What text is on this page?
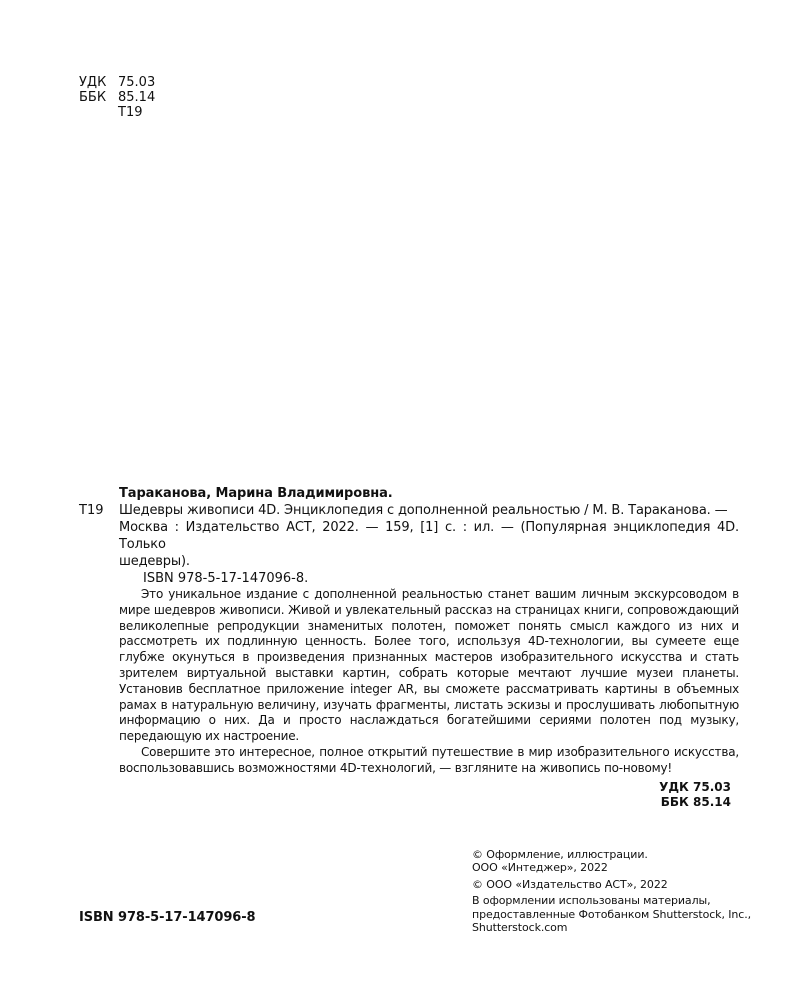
УДК 75.03
ББК 85.14
Т19
Тараканова, Марина Владимировна.
Т19	Шедевры живописи 4D. Энциклопедия с дополненной реальностью / М. В. Тараканова. —
Москва : Издательство АСТ, 2022. — 159, [1] с. : ил. — (Популярная энциклопедия 4D. Только
шедевры).
ISBN 978-5-17-147096-8.

Это уникальное издание с дополненной реальностью станет вашим личным экскурсоводом в мире шедевров живописи. Живой и увлекательный рассказ на страницах книги, сопровождающий великолепные репродукции знаменитых полотен, поможет понять смысл каждого из них и рассмотреть их подлинную ценность. Более того, используя 4D-технологии, вы сумеете еще глубже окунуться в произведения признанных мастеров изобразительного искусства и стать зрителем виртуальной выставки картин, собрать которые мечтают лучшие музеи планеты. Установив бесплатное приложение integer AR, вы сможете рассматривать картины в объемных рамах в натуральную величину, изучать фрагменты, листать эскизы и прослушивать любопытную информацию о них. Да и просто наслаждаться богатейшими сериями полотен под музыку, передающую их настроение.

Совершите это интересное, полное открытий путешествие в мир изобразительного искусства, воспользовавшись возможностями 4D-технологий, — взгляните на живопись по-новому!

УДК 75.03
ББК 85.14
© Оформление, иллюстрации.
ООО «Интеджер», 2022
© ООО «Издательство АСТ», 2022
В оформлении использованы материалы,
предоставленные Фотобанком Shutterstock, Inc.,
Shutterstock.com
ISBN 978-5-17-147096-8
